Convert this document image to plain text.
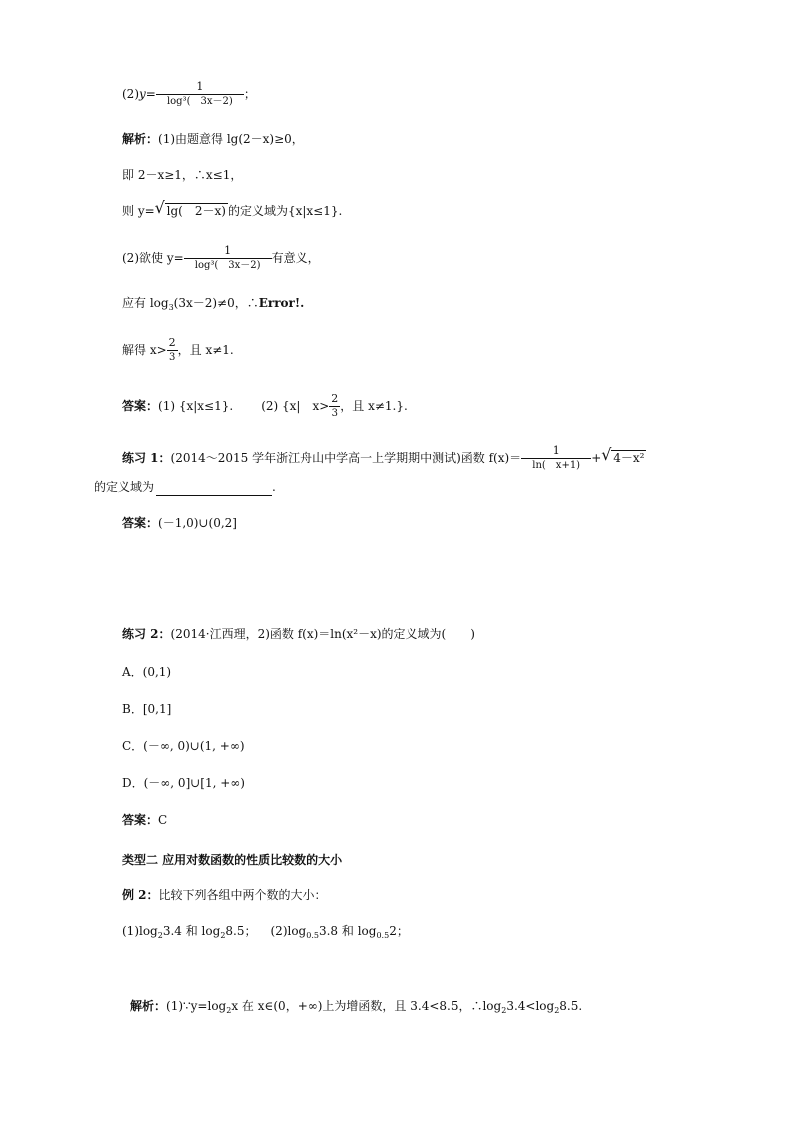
$(2)y= \frac{1}{\text{log³(　3x－2)}}$ ；
解析：(1)由题意得 lg(2－x)≥0，
即 2－x≥1，∴x≤1，
则 y= √ lg(　2－x) 的定义域为{x|x≤1}.
(2)欲使 $y= \frac{1}{\text{log³(　3x－2)}}$ 有意义，
应有 $\log_3(3x-2)\ne 0$，∴Error!.
解得 $x> \frac{2}{3}$ ，且 x≠1.
答案：(1) {x|x≤1}. (2) {x|　$x> \frac{2}{3}$ ，且 x≠1.}.
练习 1：(2014～2015 学年浙江舟山中学高一上学期期中测试)函数 $f(x)= \frac{1}{\ln( x+1)}$ + √ 4－x²
的定义域为	.
答案：(－1,0)∪(0,2]
练习 2：(2014·江西理，2)函数 f(x)＝ln(x²－x)的定义域为(　　)
A．(0,1)
B．[0,1]
C．(－∞, 0)∪(1, +∞)
D．(－∞, 0]∪[1, +∞)
答案：C
类型二 应用对数函数的性质比较数的大小
例 2：比较下列各组中两个数的大小：
$(1)\log_23.4$ 和 $\log_28.5$； $(2)\log_{0.5}3.8$ 和 $\log_{0.5}2$；
解析：$(1)\because y=\log_2x$ 在 x∈(0，+∞)上为增函数，且 3.4<8.5，$\therefore\log_23.4<\log_28.5$.
